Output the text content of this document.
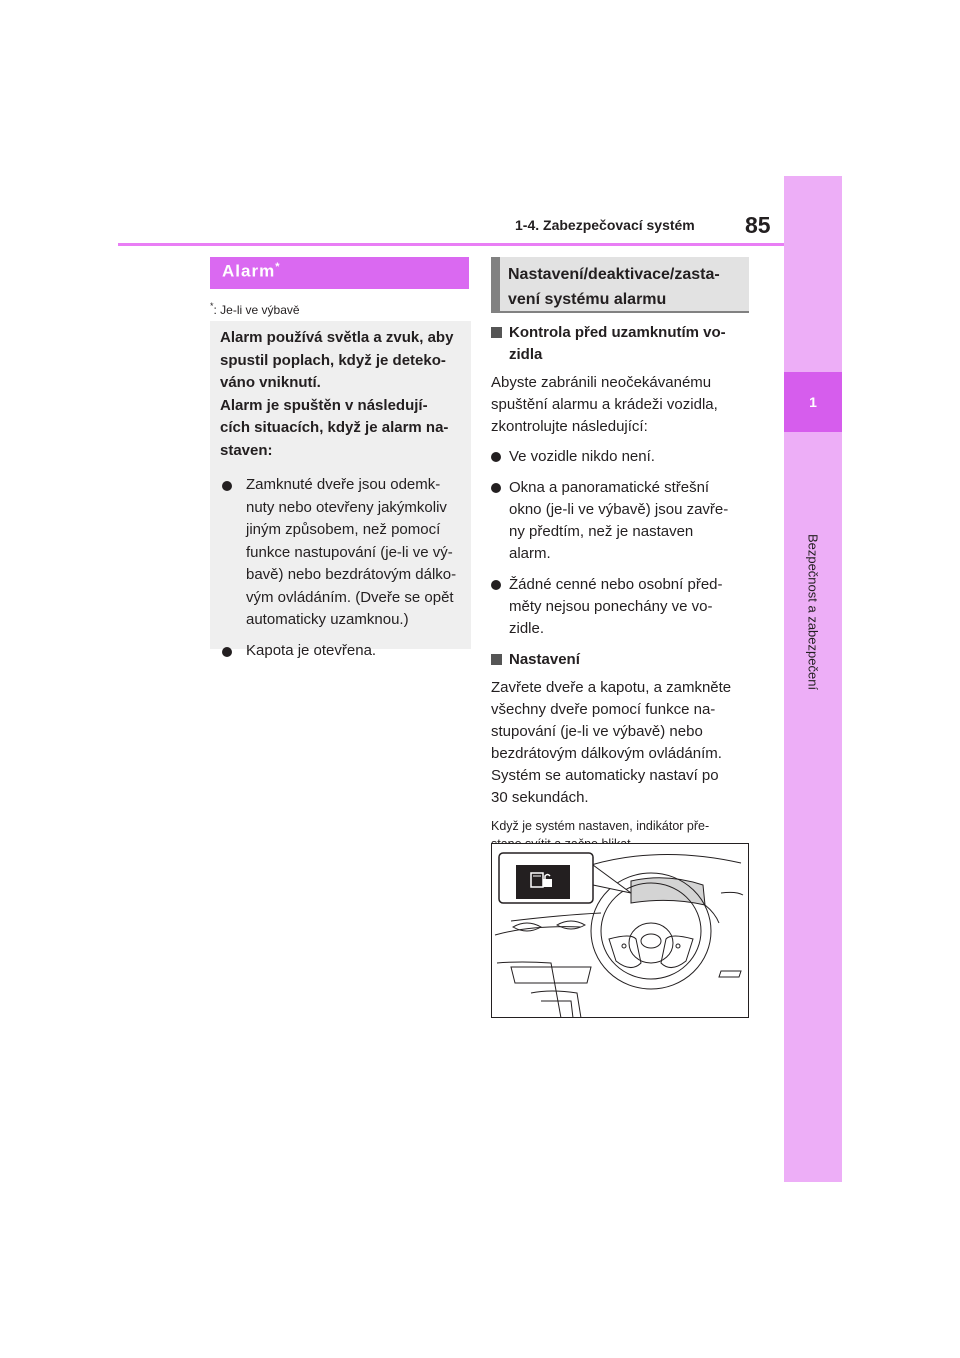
1-4. Zabezpečovací systém 85
1
Bezpečnost a zabezpečení
Alarm*
*: Je-li ve výbavě
Alarm používá světla a zvuk, aby
spustil poplach, když je deteko-
váno vniknutí.
Alarm je spuštěn v následují-
cích situacích, když je alarm na-
staven:
Zamknuté dveře jsou odemk-
nuty nebo otevřeny jakýmkoliv
jiným způsobem, než pomocí
funkce nastupování (je-li ve vý-
bavě) nebo bezdrátovým dálko-
vým ovládáním. (Dveře se opět
automaticky uzamknou.)
Kapota je otevřena.
Nastavení/deaktivace/zasta-
vení systému alarmu
Kontrola před uzamknutím vo-
zidla
Abyste zabránili neočekávanému
spuštění alarmu a krádeži vozidla,
zkontrolujte následující:
Ve vozidle nikdo není.
Okna a panoramatické střešní
okno (je-li ve výbavě) jsou zavře-
ny předtím, než je nastaven
alarm.
Žádné cenné nebo osobní před-
měty nejsou ponechány ve vo-
zidle.
Nastavení
Zavřete dveře a kapotu, a zamkněte
všechny dveře pomocí funkce na-
stupování (je-li ve výbavě) nebo
bezdrátovým dálkovým ovládáním.
Systém se automaticky nastaví po
30 sekundách.
Když je systém nastaven, indikátor pře-
